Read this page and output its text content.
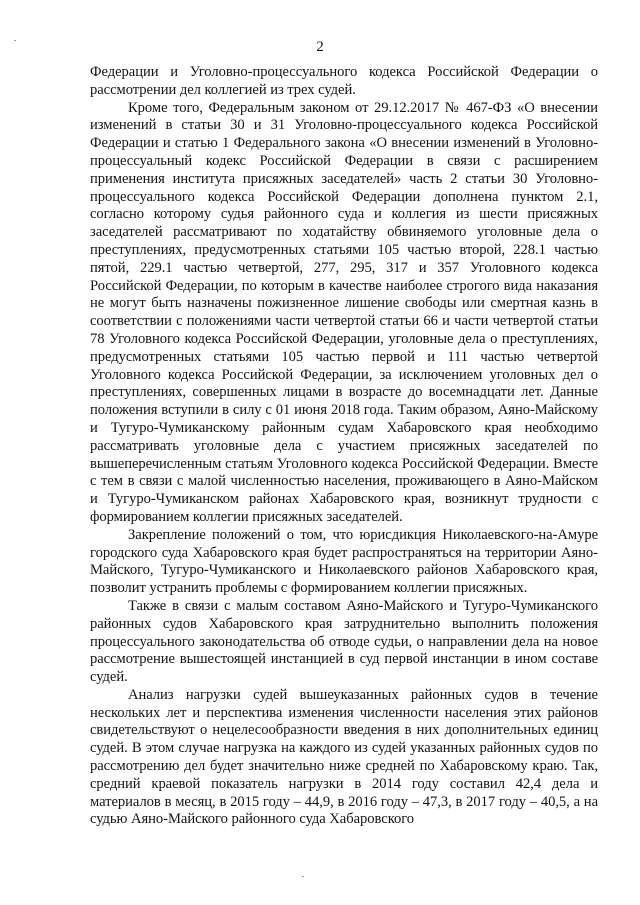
2

Федерации и Уголовно-процессуального кодекса Российской Федерации о рассмотрении дел коллегией из трех судей.

Кроме того, Федеральным законом от 29.12.2017 № 467-ФЗ «О внесении изменений в статьи 30 и 31 Уголовно-процессуального кодекса Российской Федерации и статью 1 Федерального закона «О внесении изменений в Уголовно-процессуальный кодекс Российской Федерации в связи с расширением применения института присяжных заседателей» часть 2 статьи 30 Уголовно-процессуального кодекса Российской Федерации дополнена пунктом 2.1, согласно которому судья районного суда и коллегия из шести присяжных заседателей рассматривают по ходатайству обвиняемого уголовные дела о преступлениях, предусмотренных статьями 105 частью второй, 228.1 частью пятой, 229.1 частью четвертой, 277, 295, 317 и 357 Уголовного кодекса Российской Федерации, по которым в качестве наиболее строгого вида наказания не могут быть назначены пожизненное лишение свободы или смертная казнь в соответствии с положениями части четвертой статьи 66 и части четвертой статьи 78 Уголовного кодекса Российской Федерации, уголовные дела о преступлениях, предусмотренных статьями 105 частью первой и 111 частью четвертой Уголовного кодекса Российской Федерации, за исключением уголовных дел о преступлениях, совершенных лицами в возрасте до восемнадцати лет. Данные положения вступили в силу с 01 июня 2018 года. Таким образом, Аяно-Майскому и Тугуро-Чумиканскому районным судам Хабаровского края необходимо рассматривать уголовные дела с участием присяжных заседателей по вышеперечисленным статьям Уголовного кодекса Российской Федерации. Вместе с тем в связи с малой численностью населения, проживающего в Аяно-Майском и Тугуро-Чумиканском районах Хабаровского края, возникнут трудности с формированием коллегии присяжных заседателей.

Закрепление положений о том, что юрисдикция Николаевского-на-Амуре городского суда Хабаровского края будет распространяться на территории Аяно-Майского, Тугуро-Чумиканского и Николаевского районов Хабаровского края, позволит устранить проблемы с формированием коллегии присяжных.

Также в связи с малым составом Аяно-Майского и Тугуро-Чумиканского районных судов Хабаровского края затруднительно выполнить положения процессуального законодательства об отводе судьи, о направлении дела на новое рассмотрение вышестоящей инстанцией в суд первой инстанции в ином составе судей.

Анализ нагрузки судей вышеуказанных районных судов в течение нескольких лет и перспектива изменения численности населения этих районов свидетельствуют о нецелесообразности введения в них дополнительных единиц судей. В этом случае нагрузка на каждого из судей указанных районных судов по рассмотрению дел будет значительно ниже средней по Хабаровскому краю. Так, средний краевой показатель нагрузки в 2014 году составил 42,4 дела и материалов в месяц, в 2015 году – 44,9, в 2016 году – 47,3, в 2017 году – 40,5, а на судью Аяно-Майского районного суда Хабаровского
